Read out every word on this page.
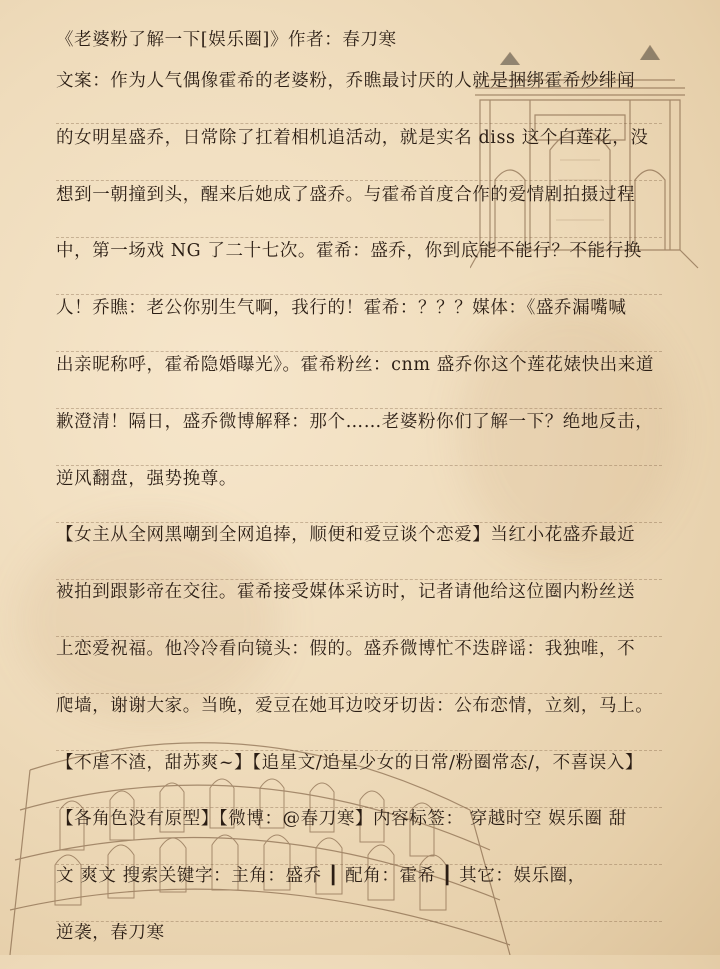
《老婆粉了解一下[娱乐圈]》作者：春刀寒
文案：作为人气偶像霍希的老婆粉，乔瞧最讨厌的人就是捆绑霍希炒绯闻
的女明星盛乔，日常除了扛着相机追活动，就是实名 diss 这个白莲花，没
想到一朝撞到头，醒来后她成了盛乔。与霍希首度合作的爱情剧拍摄过程
中，第一场戏 NG 了二十七次。霍希：盛乔，你到底能不能行？不能行换
人！乔瞧：老公你别生气啊，我行的！霍希：？？？媒体：《盛乔漏嘴喊
出亲昵称呼，霍希隐婚曝光》。霍希粉丝：cnm 盛乔你这个莲花婊快出来道
歉澄清！隔日，盛乔微博解释：那个……老婆粉你们了解一下？绝地反击，
逆风翻盘，强势挽尊。
【女主从全网黑嘲到全网追捧，顺便和爱豆谈个恋爱】当红小花盛乔最近
被拍到跟影帝在交往。霍希接受媒体采访时，记者请他给这位圈内粉丝送
上恋爱祝福。他冷冷看向镜头：假的。盛乔微博忙不迭辟谣：我独唯，不
爬墙，谢谢大家。当晚，爱豆在她耳边咬牙切齿：公布恋情，立刻，马上。
【不虐不渣，甜苏爽~】【追星文/追星少女的日常/粉圈常态/，不喜误入】
【各角色没有原型】【微博：@春刀寒】内容标签： 穿越时空 娱乐圈 甜
文 爽文 搜索关键字：主角：盛乔 ┃ 配角：霍希 ┃ 其它：娱乐圈，
逆袭，春刀寒
